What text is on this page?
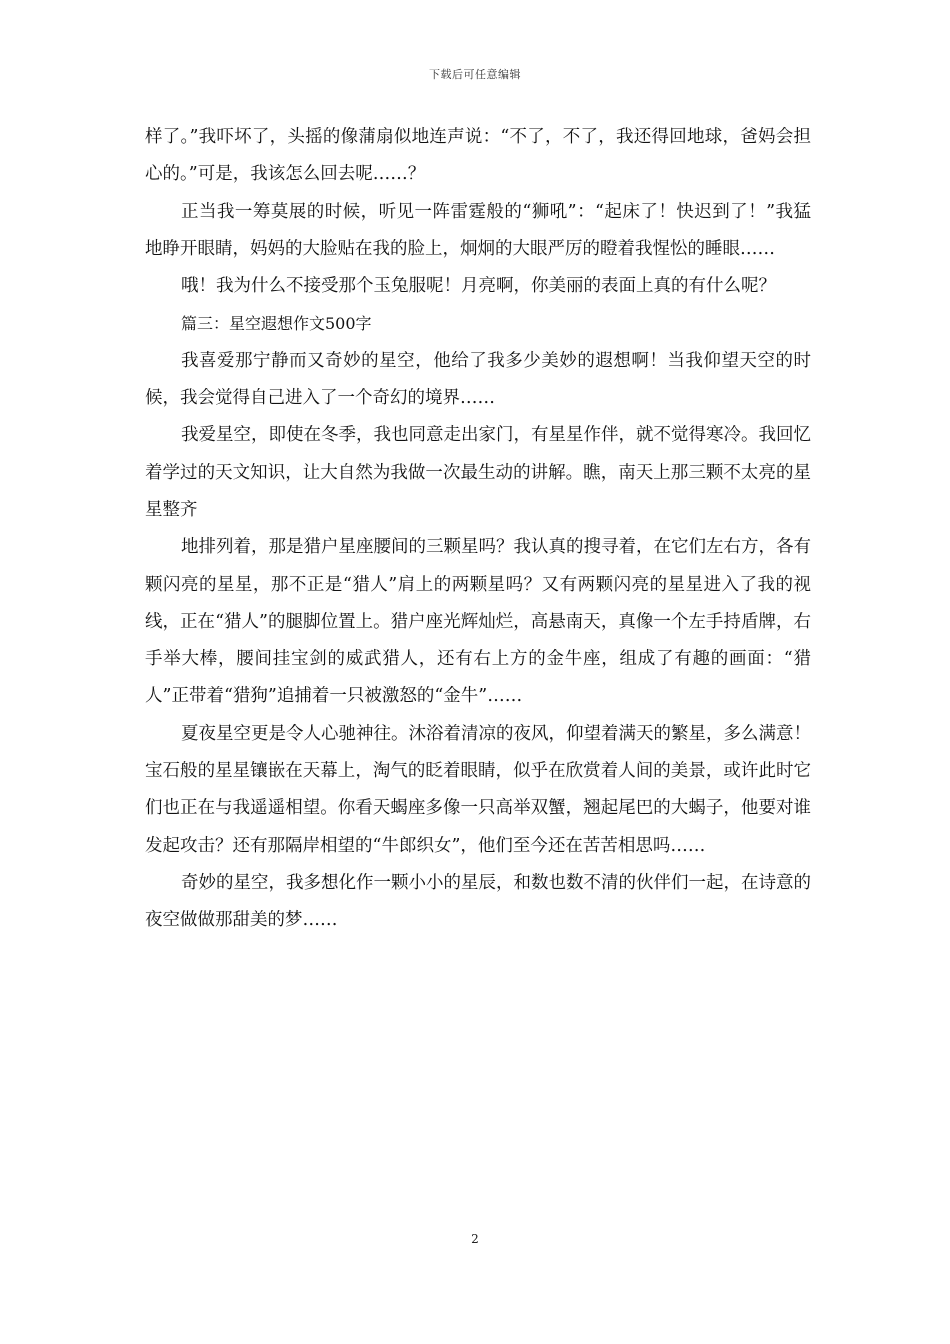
下载后可任意编辑

样了。”我吓坏了，头摇的像蒲扇似地连声说：“不了，不了，我还得回地球，爸妈会担心的。”可是，我该怎么回去呢……？

正当我一筹莫展的时候，听见一阵雷霆般的“狮吼”：“起床了！快迟到了！”我猛地睁开眼睛，妈妈的大脸贴在我的脸上，炯炯的大眼严厉的瞪着我惺忪的睡眼……

哦！我为什么不接受那个玉兔服呢！月亮啊，你美丽的表面上真的有什么呢？

篇三：星空遐想作文500字

我喜爱那宁静而又奇妙的星空，他给了我多少美妙的遐想啊！当我仰望天空的时候，我会觉得自己进入了一个奇幻的境界……

我爱星空，即使在冬季，我也同意走出家门，有星星作伴，就不觉得寒冷。我回忆着学过的天文知识，让大自然为我做一次最生动的讲解。瞧，南天上那三颗不太亮的星星整齐

地排列着，那是猎户星座腰间的三颗星吗？我认真的搜寻着，在它们左右方，各有颗闪亮的星星，那不正是“猎人”肩上的两颗星吗？又有两颗闪亮的星星进入了我的视线，正在“猎人”的腿脚位置上。猎户座光辉灿烂，高悬南天，真像一个左手持盾牌，右手举大棒，腰间挂宝剑的威武猎人，还有右上方的金牛座，组成了有趣的画面：“猎人”正带着“猎狗”追捕着一只被激怒的“金牛”……

夏夜星空更是令人心驰神往。沐浴着清凉的夜风，仰望着满天的繁星，多么满意！宝石般的星星镶嵌在天幕上，淘气的眨着眼睛，似乎在欣赏着人间的美景，或许此时它们也正在与我遥遥相望。你看天蝎座多像一只高举双蟹，翘起尾巴的大蝎子，他要对谁发起攻击？还有那隔岸相望的“牛郎织女”，他们至今还在苦苦相思吗……

奇妙的星空，我多想化作一颗小小的星辰，和数也数不清的伙伴们一起，在诗意的夜空做做那甜美的梦……

2
